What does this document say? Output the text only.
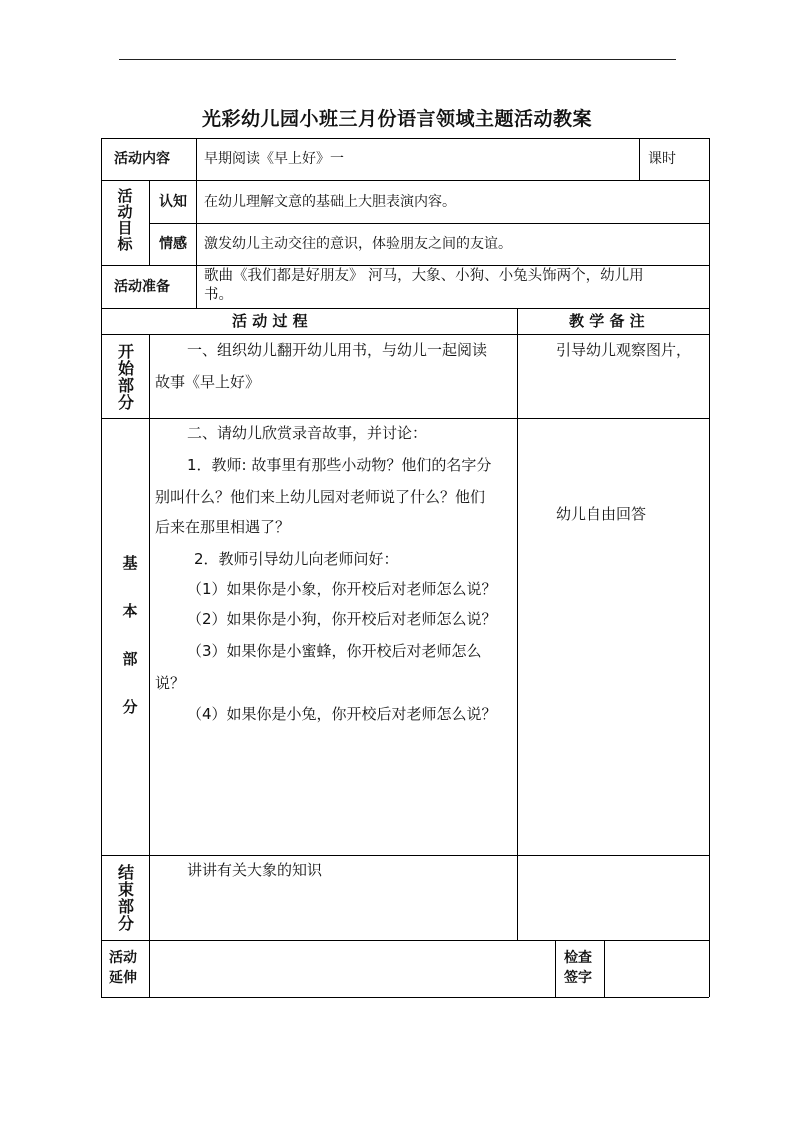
光彩幼儿园小班三月份语言领域主题活动教案
活动内容 早期阅读《早上好》一	课时
活
动
目
标
认知 在幼儿理解文意的基础上大胆表演内容。
情感 激发幼儿主动交往的意识，体验朋友之间的友谊。
活动准备
歌曲《我们都是好朋友》 河马，大象、小狗、小兔头饰两个，幼儿用
书。
活 动 过 程	教 学 备 注
开
始
部
分
一、组织幼儿翻开幼儿用书，与幼儿一起阅读
故事《早上好》
引导幼儿观察图片，
基
本
部
分
二、请幼儿欣赏录音故事，并讨论：
1．教师: 故事里有那些小动物？他们的名字分
别叫什么？他们来上幼儿园对老师说了什么？他们
后来在那里相遇了？
2．教师引导幼儿向老师问好：
（1）如果你是小象，你开校后对老师怎么说？
（2）如果你是小狗，你开校后对老师怎么说？
（3）如果你是小蜜蜂，你开校后对老师怎么
说？
（4）如果你是小兔，你开校后对老师怎么说？
幼儿自由回答
结
束
部
分
讲讲有关大象的知识
活动
延伸
检查
签字
